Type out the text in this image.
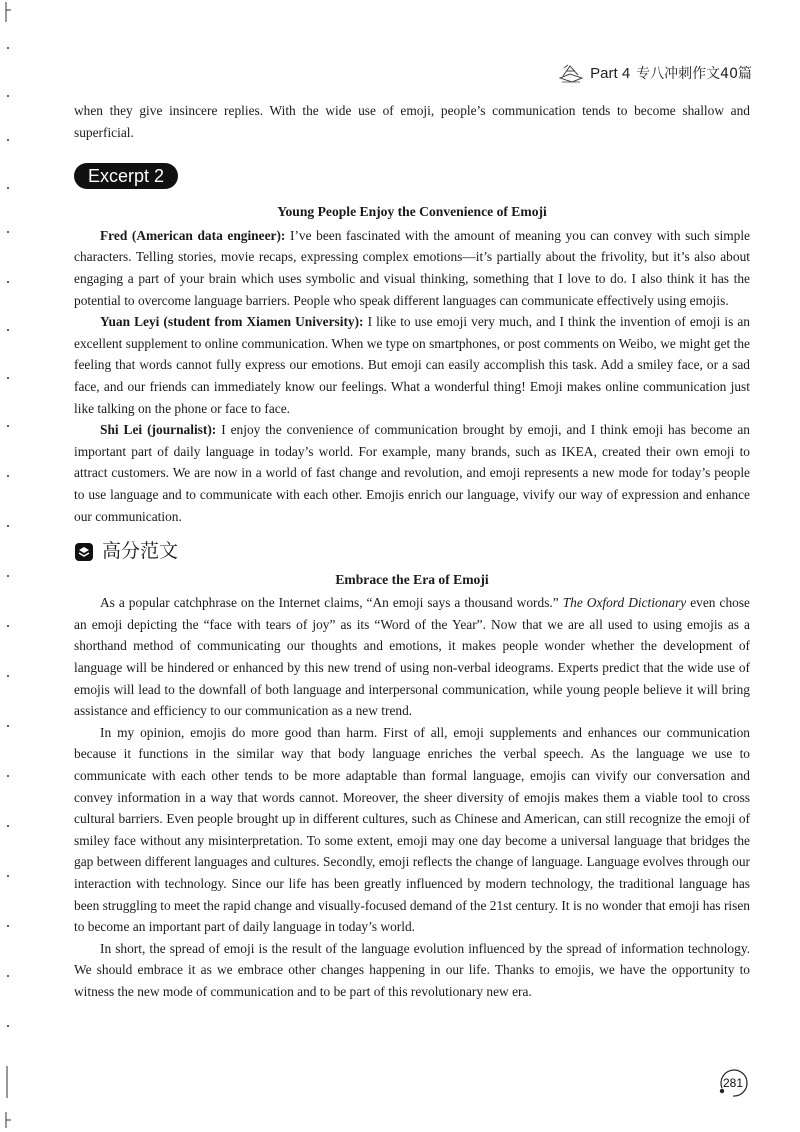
Part 4 专八冲刺作文40篇

when they give insincere replies. With the wide use of emoji, people’s communication tends to become shallow and superficial.

Excerpt 2

Young People Enjoy the Convenience of Emoji

Fred (American data engineer): I’ve been fascinated with the amount of meaning you can convey with such simple characters. Telling stories, movie recaps, expressing complex emotions—it’s partially about the frivolity, but it’s also about engaging a part of your brain which uses symbolic and visual thinking, something that I love to do. I also think it has the potential to overcome language barriers. People who speak different languages can communicate effectively using emojis.

Yuan Leyi (student from Xiamen University): I like to use emoji very much, and I think the invention of emoji is an excellent supplement to online communication. When we type on smartphones, or post comments on Weibo, we might get the feeling that words cannot fully express our emotions. But emoji can easily accomplish this task. Add a smiley face, or a sad face, and our friends can immediately know our feelings. What a wonderful thing! Emoji makes online communication just like talking on the phone or face to face.

Shi Lei (journalist): I enjoy the convenience of communication brought by emoji, and I think emoji has become an important part of daily language in today’s world. For example, many brands, such as IKEA, created their own emoji to attract customers. We are now in a world of fast change and revolution, and emoji represents a new mode for today’s people to use language and to communicate with each other. Emojis enrich our language, vivify our way of expression and enhance our communication.

高分范文

Embrace the Era of Emoji

As a popular catchphrase on the Internet claims, “An emoji says a thousand words.” The Oxford Dictionary even chose an emoji depicting the “face with tears of joy” as its “Word of the Year”. Now that we are all used to using emojis as a shorthand method of communicating our thoughts and emotions, it makes people wonder whether the development of language will be hindered or enhanced by this new trend of using non-verbal ideograms. Experts predict that the wide use of emojis will lead to the downfall of both language and interpersonal communication, while young people believe it will bring assistance and efficiency to our communication as a new trend.

In my opinion, emojis do more good than harm. First of all, emoji supplements and enhances our communication because it functions in the similar way that body language enriches the verbal speech. As the language we use to communicate with each other tends to be more adaptable than formal language, emojis can vivify our conversation and convey information in a way that words cannot. Moreover, the sheer diversity of emojis makes them a viable tool to cross cultural barriers. Even people brought up in different cultures, such as Chinese and American, can still recognize the emoji of smiley face without any misinterpretation. To some extent, emoji may one day become a universal language that bridges the gap between different languages and cultures. Secondly, emoji reflects the change of language. Language evolves through our interaction with technology. Since our life has been greatly influenced by modern technology, the traditional language has been struggling to meet the rapid change and visually-focused demand of the 21st century. It is no wonder that emoji has risen to become an important part of daily language in today’s world.

In short, the spread of emoji is the result of the language evolution influenced by the spread of information technology. We should embrace it as we embrace other changes happening in our life. Thanks to emojis, we have the opportunity to witness the new mode of communication and to be part of this revolutionary new era.

281
